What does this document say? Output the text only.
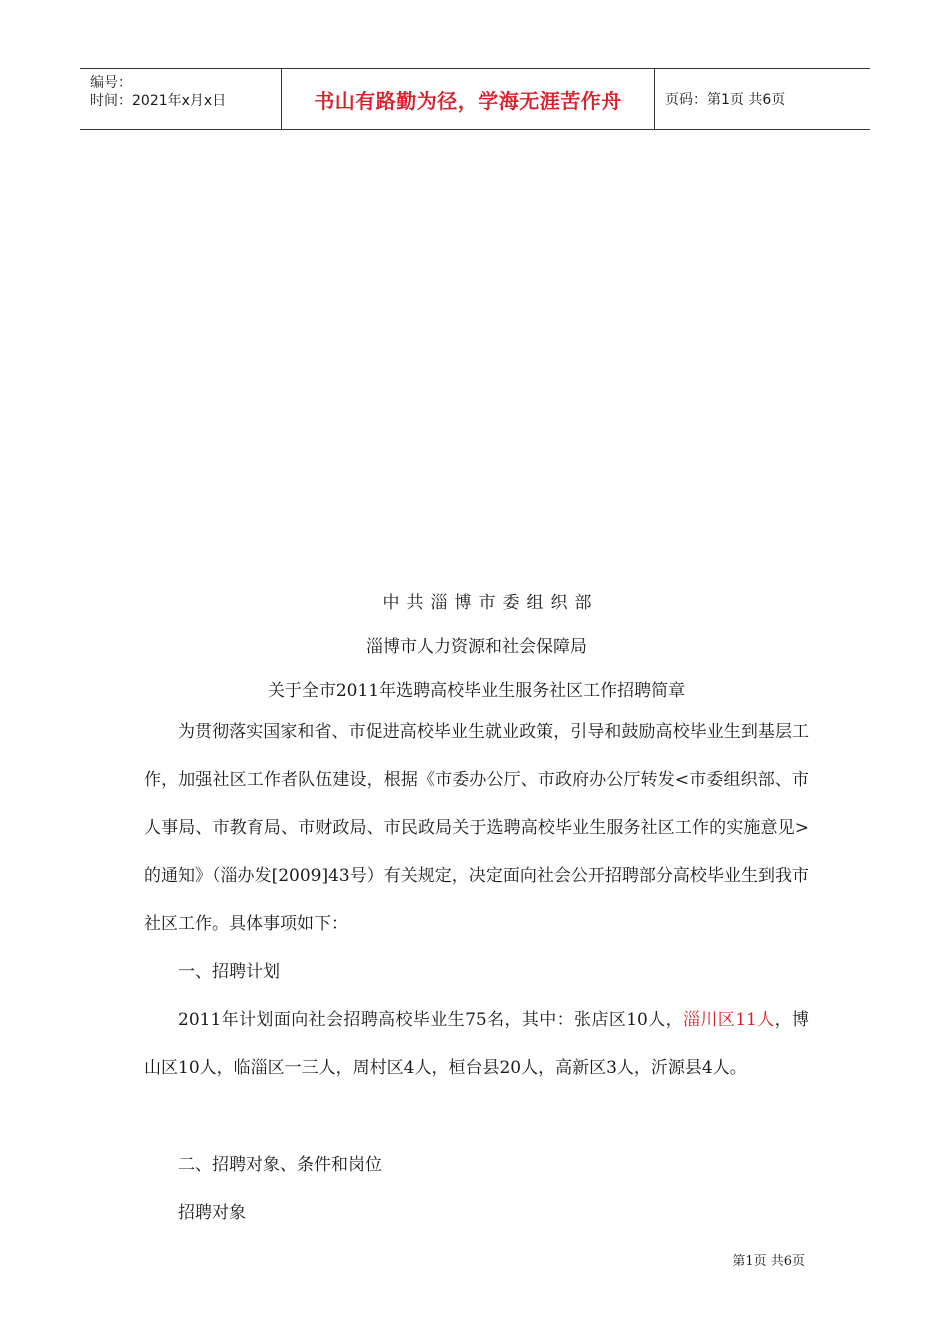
编号：
时间：2021年x月x日	书山有路勤为径，学海无涯苦作舟	页码：第1页 共6页
中共淄博市委组织部
淄博市人力资源和社会保障局
关于全市2011年选聘高校毕业生服务社区工作招聘简章

为贯彻落实国家和省、市促进高校毕业生就业政策，引导和鼓励高校毕业生到基层工作，加强社区工作者队伍建设，根据《市委办公厅、市政府办公厅转发<市委组织部、市人事局、市教育局、市财政局、市民政局关于选聘高校毕业生服务社区工作的实施意见>的通知》（淄办发[2009]43号）有关规定，决定面向社会公开招聘部分高校毕业生到我市社区工作。具体事项如下：

一、招聘计划

2011年计划面向社会招聘高校毕业生75名，其中：张店区10人，淄川区11人，博山区10人，临淄区一三人，周村区4人，桓台县20人，高新区3人，沂源县4人。

二、招聘对象、条件和岗位

招聘对象

第1页 共6页
